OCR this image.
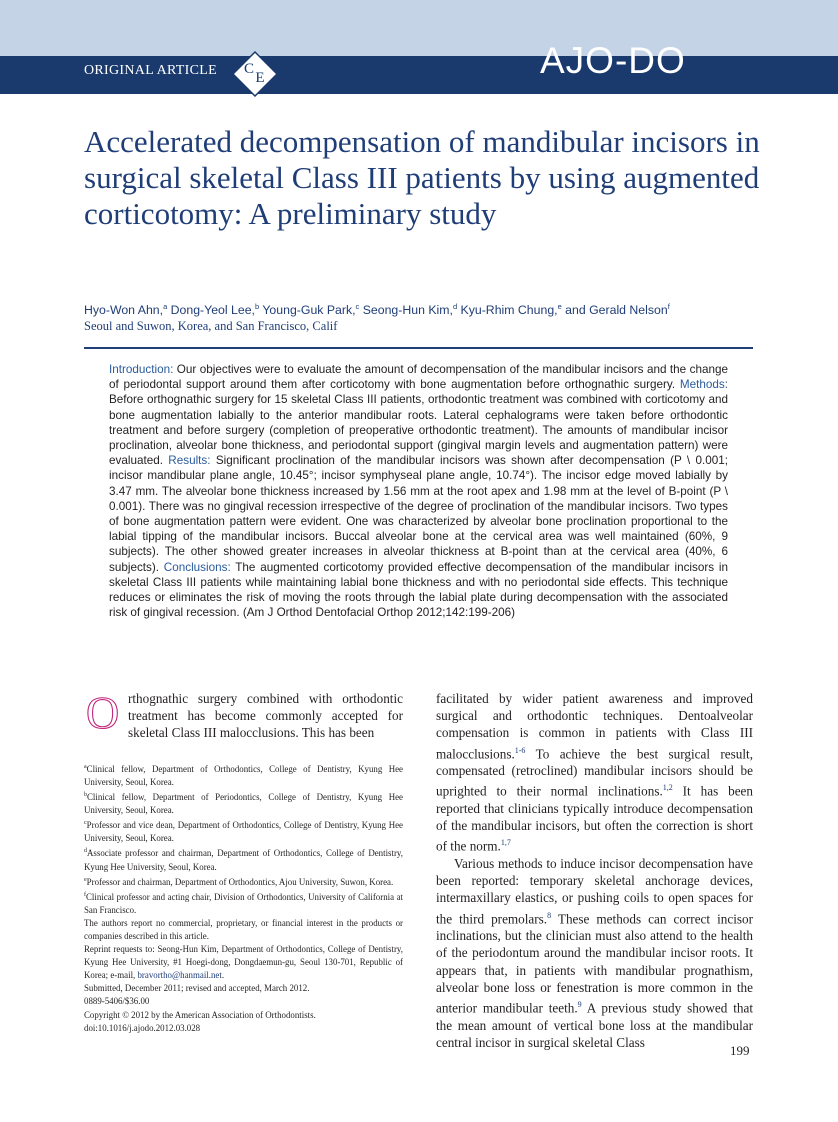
ORIGINAL ARTICLE C
E	AJO-DO
Accelerated decompensation of mandibular incisors in surgical skeletal Class III patients by using augmented corticotomy: A preliminary study
Hyo-Won Ahn,$^a$ Dong-Yeol Lee,$^b$ Young-Guk Park,$^c$ Seong-Hun Kim,$^d$ Kyu-Rhim Chung,$^e$ and Gerald Nelson$^f$
Seoul and Suwon, Korea, and San Francisco, Calif
Introduction: Our objectives were to evaluate the amount of decompensation of the mandibular incisors and the change of periodontal support around them after corticotomy with bone augmentation before orthognathic surgery. Methods: Before orthognathic surgery for 15 skeletal Class III patients, orthodontic treatment was combined with corticotomy and bone augmentation labially to the anterior mandibular roots. Lateral cephalograms were taken before orthodontic treatment and before surgery (completion of preoperative orthodontic treatment). The amounts of mandibular incisor proclination, alveolar bone thickness, and periodontal support (gingival margin levels and augmentation pattern) were evaluated. Results: Significant proclination of the mandibular incisors was shown after decompensation (P \ 0.001; incisor mandibular plane angle, 10.45°; incisor symphyseal plane angle, 10.74°). The incisor edge moved labially by 3.47 mm. The alveolar bone thickness increased by 1.56 mm at the root apex and 1.98 mm at the level of B-point (P \ 0.001). There was no gingival recession irrespective of the degree of proclination of the mandibular incisors. Two types of bone augmentation pattern were evident. One was characterized by alveolar bone proclination proportional to the labial tipping of the mandibular incisors. Buccal alveolar bone at the cervical area was well maintained (60%, 9 subjects). The other showed greater increases in alveolar thickness at B-point than at the cervical area (40%, 6 subjects). Conclusions: The augmented corticotomy provided effective decompensation of the mandibular incisors in skeletal Class III patients while maintaining labial bone thickness and with no periodontal side effects. This technique reduces or eliminates the risk of moving the roots through the labial plate during decompensation with the associated risk of gingival recession. (Am J Orthod Dentofacial Orthop 2012;142:199-206)

O rthognathic surgery combined with orthodontic treatment has become commonly accepted for skeletal Class III malocclusions. This has been

$^a$Clinical fellow, Department of Orthodontics, College of Dentistry, Kyung Hee University, Seoul, Korea.

$^b$Clinical fellow, Department of Periodontics, College of Dentistry, Kyung Hee University, Seoul, Korea.

$^c$Professor and vice dean, Department of Orthodontics, College of Dentistry, Kyung Hee University, Seoul, Korea.

$^d$Associate professor and chairman, Department of Orthodontics, College of Dentistry, Kyung Hee University, Seoul, Korea.

$^e$Professor and chairman, Department of Orthodontics, Ajou University, Suwon, Korea.

$^f$Clinical professor and acting chair, Division of Orthodontics, University of California at San Francisco.

The authors report no commercial, proprietary, or financial interest in the products or companies described in this article.

Reprint requests to: Seong-Hun Kim, Department of Orthodontics, College of Dentistry, Kyung Hee University, #1 Hoegi-dong, Dongdaemun-gu, Seoul 130-701, Republic of Korea; e-mail, bravortho@hanmail.net.

Submitted, December 2011; revised and accepted, March 2012.

0889-5406/$36.00

Copyright © 2012 by the American Association of Orthodontists.

doi:10.1016/j.ajodo.2012.03.028

facilitated by wider patient awareness and improved surgical and orthodontic techniques. Dentoalveolar compensation is common in patients with Class III malocclusions.$^{1-6}$ To achieve the best surgical result, compensated (retroclined) mandibular incisors should be uprighted to their normal inclinations.$^{1,2}$ It has been reported that clinicians typically introduce decompensation of the mandibular incisors, but often the correction is short of the norm.$^{1,7}$

Various methods to induce incisor decompensation have been reported: temporary skeletal anchorage devices, intermaxillary elastics, or pushing coils to open spaces for the third premolars.$^8$ These methods can correct incisor inclinations, but the clinician must also attend to the health of the periodontum around the mandibular incisor roots. It appears that, in patients with mandibular prognathism, alveolar bone loss or fenestration is more common in the anterior mandibular teeth.$^9$ A previous study showed that the mean amount of vertical bone loss at the mandibular central incisor in surgical skeletal Class

199
